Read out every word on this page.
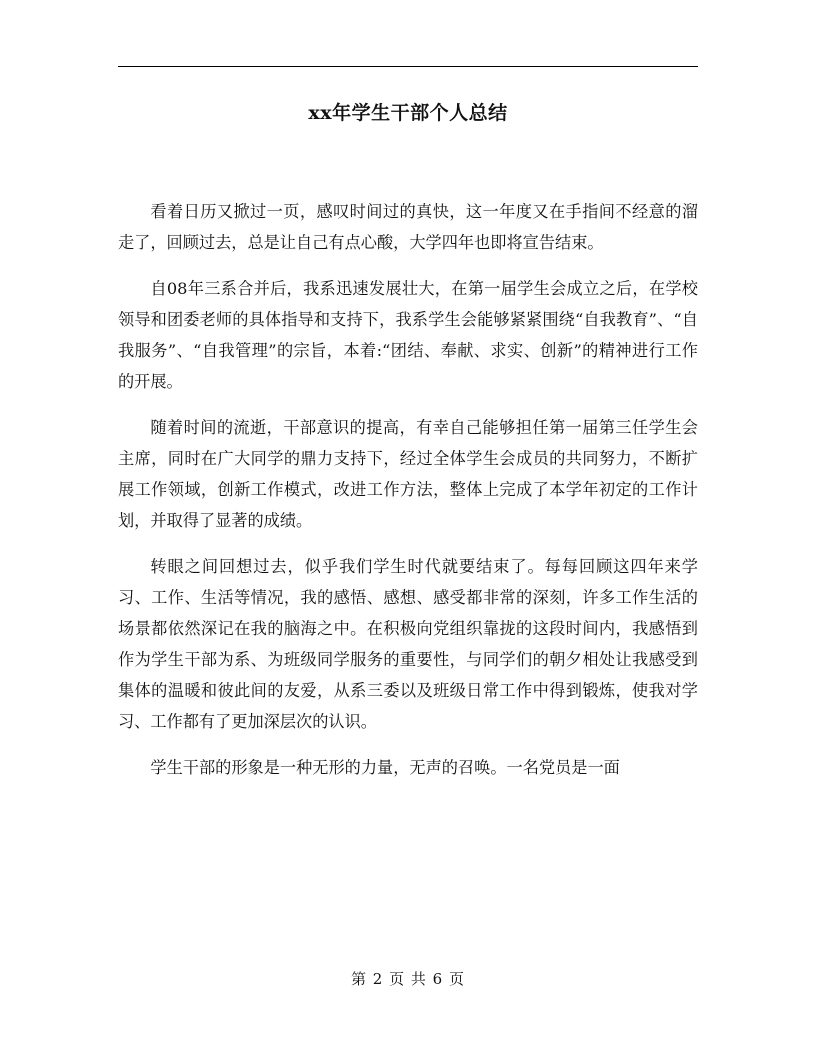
xx年学生干部个人总结

看着日历又掀过一页，感叹时间过的真快，这一年度又在手指间不经意的溜走了，回顾过去，总是让自己有点心酸，大学四年也即将宣告结束。

自08年三系合并后，我系迅速发展壮大，在第一届学生会成立之后，在学校领导和团委老师的具体指导和支持下，我系学生会能够紧紧围绕“自我教育”、“自我服务”、“自我管理”的宗旨，本着:“团结、奉献、求实、创新”的精神进行工作的开展。

随着时间的流逝，干部意识的提高，有幸自己能够担任第一届第三任学生会主席，同时在广大同学的鼎力支持下，经过全体学生会成员的共同努力，不断扩展工作领域，创新工作模式，改进工作方法，整体上完成了本学年初定的工作计划，并取得了显著的成绩。

转眼之间回想过去，似乎我们学生时代就要结束了。每每回顾这四年来学习、工作、生活等情况，我的感悟、感想、感受都非常的深刻，许多工作生活的场景都依然深记在我的脑海之中。在积极向党组织靠拢的这段时间内，我感悟到作为学生干部为系、为班级同学服务的重要性，与同学们的朝夕相处让我感受到集体的温暖和彼此间的友爱，从系三委以及班级日常工作中得到锻炼，使我对学习、工作都有了更加深层次的认识。

学生干部的形象是一种无形的力量，无声的召唤。一名党员是一面

第 2 页 共 6 页
